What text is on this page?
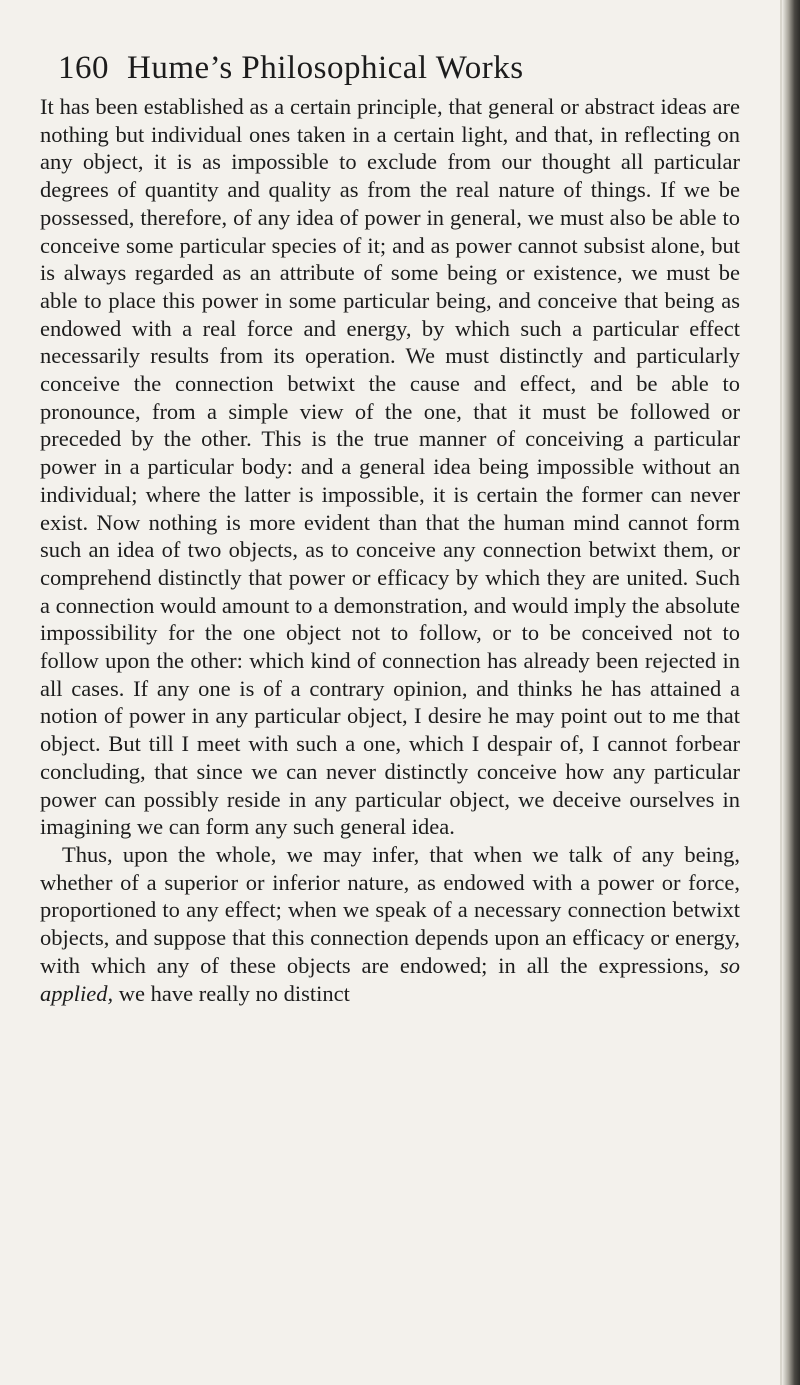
160 Hume’s Philosophical Works

It has been established as a certain principle, that general or abstract ideas are nothing but individual ones taken in a certain light, and that, in reflecting on any object, it is as impossible to exclude from our thought all particular degrees of quantity and quality as from the real nature of things. If we be possessed, therefore, of any idea of power in general, we must also be able to conceive some particular species of it; and as power cannot subsist alone, but is always regarded as an attribute of some being or existence, we must be able to place this power in some particular being, and conceive that being as endowed with a real force and energy, by which such a particular effect necessarily results from its operation. We must distinctly and particularly conceive the connection betwixt the cause and effect, and be able to pronounce, from a simple view of the one, that it must be followed or preceded by the other. This is the true manner of conceiving a particular power in a particular body: and a general idea being impossible without an individual; where the latter is impossible, it is certain the former can never exist. Now nothing is more evident than that the human mind cannot form such an idea of two objects, as to conceive any connection betwixt them, or comprehend distinctly that power or efficacy by which they are united. Such a connection would amount to a demonstration, and would imply the absolute impossibility for the one object not to follow, or to be conceived not to follow upon the other: which kind of connection has already been rejected in all cases. If any one is of a contrary opinion, and thinks he has attained a notion of power in any particular object, I desire he may point out to me that object. But till I meet with such a one, which I despair of, I cannot forbear concluding, that since we can never distinctly conceive how any particular power can possibly reside in any particular object, we deceive ourselves in imagining we can form any such general idea.

Thus, upon the whole, we may infer, that when we talk of any being, whether of a superior or inferior nature, as endowed with a power or force, proportioned to any effect; when we speak of a necessary connection betwixt objects, and suppose that this connection depends upon an efficacy or energy, with which any of these objects are endowed; in all the expressions, so applied, we have really no distinct
